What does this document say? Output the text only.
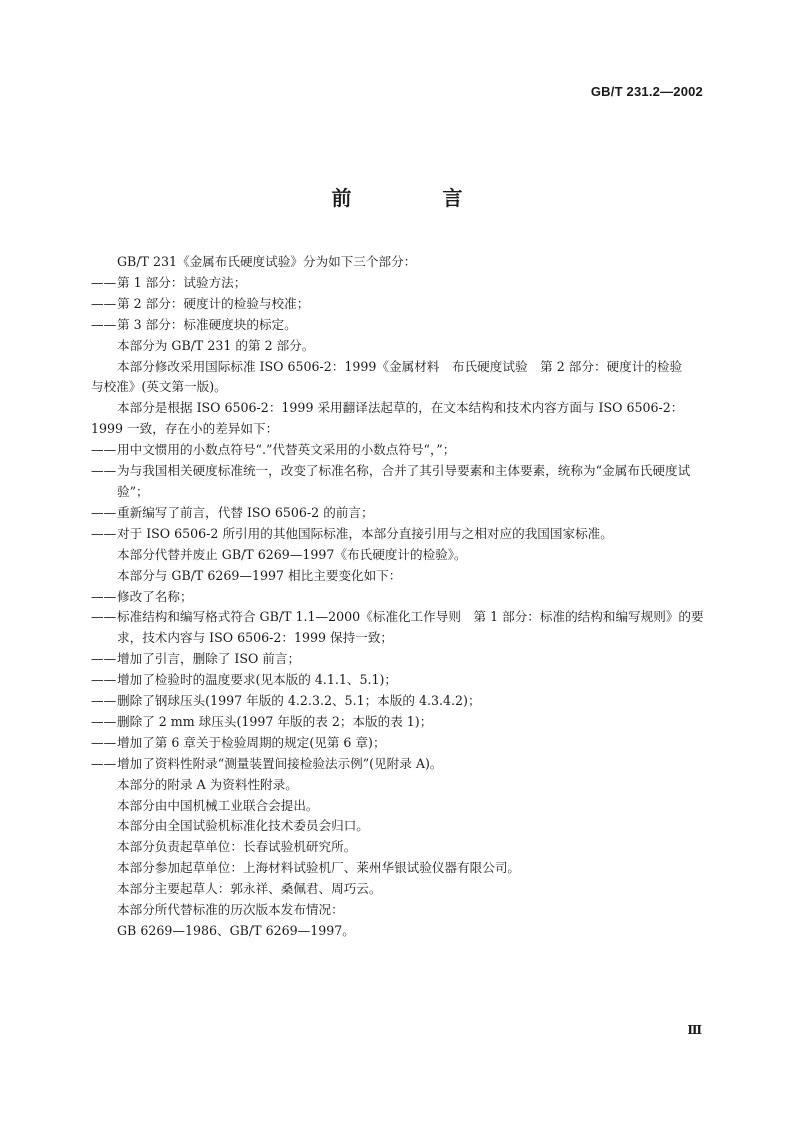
GB/T 231.2—2002
前 言

GB/T 231《金属布氏硬度试验》分为如下三个部分：

——第 1 部分：试验方法；

——第 2 部分：硬度计的检验与校准；

——第 3 部分：标准硬度块的标定。

本部分为 GB/T 231 的第 2 部分。

本部分修改采用国际标准 ISO 6506-2：1999《金属材料　布氏硬度试验　第 2 部分：硬度计的检验

与校准》(英文第一版)。

本部分是根据 ISO 6506-2：1999 采用翻译法起草的，在文本结构和技术内容方面与 ISO 6506-2：

1999 一致，存在小的差异如下：

——用中文惯用的小数点符号“.”代替英文采用的小数点符号“，”；

——为与我国相关硬度标准统一，改变了标准名称，合并了其引导要素和主体要素，统称为“金属布氏硬度试验”；

——重新编写了前言，代替 ISO 6506-2 的前言；

——对于 ISO 6506-2 所引用的其他国际标准，本部分直接引用与之相对应的我国国家标准。

本部分代替并废止 GB/T 6269—1997《布氏硬度计的检验》。

本部分与 GB/T 6269—1997 相比主要变化如下：

——修改了名称；

——标准结构和编写格式符合 GB/T 1.1—2000《标准化工作导则　第 1 部分：标准的结构和编写规则》的要求，技术内容与 ISO 6506-2：1999 保持一致；

——增加了引言，删除了 ISO 前言；

——增加了检验时的温度要求(见本版的 4.1.1、5.1)；

——删除了钢球压头(1997 年版的 4.2.3.2、5.1；本版的 4.3.4.2)；

——删除了 2 mm 球压头(1997 年版的表 2；本版的表 1)；

——增加了第 6 章关于检验周期的规定(见第 6 章)；

——增加了资料性附录“测量装置间接检验法示例”(见附录 A)。

本部分的附录 A 为资料性附录。

本部分由中国机械工业联合会提出。

本部分由全国试验机标准化技术委员会归口。

本部分负责起草单位：长春试验机研究所。

本部分参加起草单位：上海材料试验机厂、莱州华银试验仪器有限公司。

本部分主要起草人：郭永祥、桑佩君、周巧云。

本部分所代替标准的历次版本发布情况：

GB 6269—1986、GB/T 6269—1997。

Ⅲ
